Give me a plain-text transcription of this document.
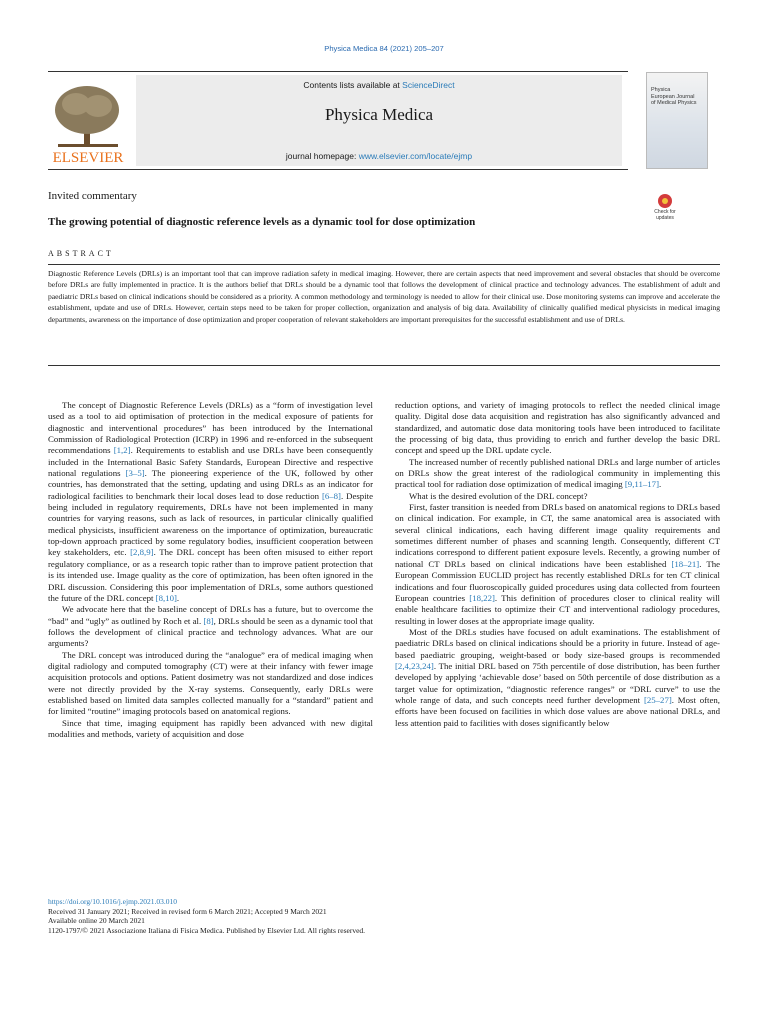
Physica Medica 84 (2021) 205–207
ELSEVIER
Contents lists available at ScienceDirect
Physica Medica
journal homepage: www.elsevier.com/locate/ejmp
Physica
European Journal
of Medical Physics
Invited commentary
The growing potential of diagnostic reference levels as a dynamic tool for dose optimization
Check for
updates
ABSTRACT
Diagnostic Reference Levels (DRLs) is an important tool that can improve radiation safety in medical imaging. However, there are certain aspects that need improvement and several obstacles that should be overcome before DRLs are fully implemented in practice. It is the authors belief that DRLs should be a dynamic tool that follows the development of clinical practice and technology advances. The establishment of adult and paediatric DRLs based on clinical indications should be considered as a priority. A common methodology and terminology is needed to allow for their clinical use. Dose monitoring systems can improve and accelerate the establishment, update and use of DRLs. However, certain steps need to be taken for proper collection, organization and analysis of big data. Availability of clinically qualified medical physicists in medical imaging departments, awareness on the importance of dose optimization and proper cooperation of relevant stakeholders are important prerequisites for the successful establishment and use of DRLs.

The concept of Diagnostic Reference Levels (DRLs) as a “form of investigation level used as a tool to aid optimisation of protection in the medical exposure of patients for diagnostic and interventional procedures” has been introduced by the International Commission of Radiological Protection (ICRP) in 1996 and re-enforced in the subsequent recommendations [1,2]. Requirements to establish and use DRLs have been consequently included in the International Basic Safety Standards, European Directive and respective national regulations [3–5]. The pioneering experience of the UK, followed by other countries, has demonstrated that the setting, updating and using DRLs as an indicator for radiological facilities to benchmark their local doses lead to dose reduction [6–8]. Despite being included in regulatory requirements, DRLs have not been implemented in many countries for varying reasons, such as lack of resources, in particular clinically qualified medical physicists, insufficient awareness on the importance of optimization, bureaucratic top-down approach practiced by some regulatory bodies, insufficient cooperation between key stakeholders, etc. [2,8,9]. The DRL concept has been often misused to either report regulatory compliance, or as a research topic rather than to improve patient protection that is its intended use. Image quality as the core of optimization, has been often ignored in the DRL discussion. Considering this poor implementation of DRLs, some authors questioned the future of the DRL concept [8,10].

We advocate here that the baseline concept of DRLs has a future, but to overcome the “bad” and “ugly” as outlined by Roch et al. [8], DRLs should be seen as a dynamic tool that follows the development of clinical practice and technology advances. What are our arguments?

The DRL concept was introduced during the “analogue” era of medical imaging when digital radiology and computed tomography (CT) were at their infancy with fewer image acquisition protocols and options. Patient dosimetry was not standardized and dose indices were not directly provided by the X-ray systems. Consequently, early DRLs were established based on limited data samples collected manually for a “standard” patient and for limited “routine” imaging protocols based on anatomical regions.

Since that time, imaging equipment has rapidly been advanced with new digital modalities and methods, variety of acquisition and dose

reduction options, and variety of imaging protocols to reflect the needed clinical image quality. Digital dose data acquisition and registration has also significantly advanced and standardized, and automatic dose data monitoring tools have been introduced to facilitate the processing of big data, thus providing to enrich and further develop the basic DRL concept and speed up the DRL update cycle.

The increased number of recently published national DRLs and large number of articles on DRLs show the great interest of the radiological community in implementing this practical tool for radiation dose optimization of medical imaging [9,11–17].

What is the desired evolution of the DRL concept?

First, faster transition is needed from DRLs based on anatomical regions to DRLs based on clinical indication. For example, in CT, the same anatomical area is associated with several clinical indications, each having different image quality requirements and sometimes different number of phases and scanning length. Consequently, different CT indications correspond to different patient exposure levels. Recently, a growing number of national CT DRLs based on clinical indications have been established [18–21]. The European Commission EUCLID project has recently established DRLs for ten CT clinical indications and four fluoroscopically guided procedures using data collected from fourteen European countries [18,22]. This definition of procedures closer to clinical reality will enable healthcare facilities to optimize their CT and interventional radiology procedures, resulting in lower doses at the appropriate image quality.

Most of the DRLs studies have focused on adult examinations. The establishment of paediatric DRLs based on clinical indications should be a priority in future. Instead of age-based paediatric grouping, weight-based or body size-based groups is recommended [2,4,23,24]. The initial DRL based on 75th percentile of dose distribution, has been further developed by applying ‘achievable dose’ based on 50th percentile of dose distribution as a target value for optimization, “diagnostic reference ranges” or “DRL curve” to use the whole range of data, and such concepts need further development [25–27]. Most often, efforts have been focused on facilities in which dose values are above national DRLs, and less attention paid to facilities with doses significantly below

https://doi.org/10.1016/j.ejmp.2021.03.010
Received 31 January 2021; Received in revised form 6 March 2021; Accepted 9 March 2021
Available online 20 March 2021
1120-1797/© 2021 Associazione Italiana di Fisica Medica. Published by Elsevier Ltd. All rights reserved.
